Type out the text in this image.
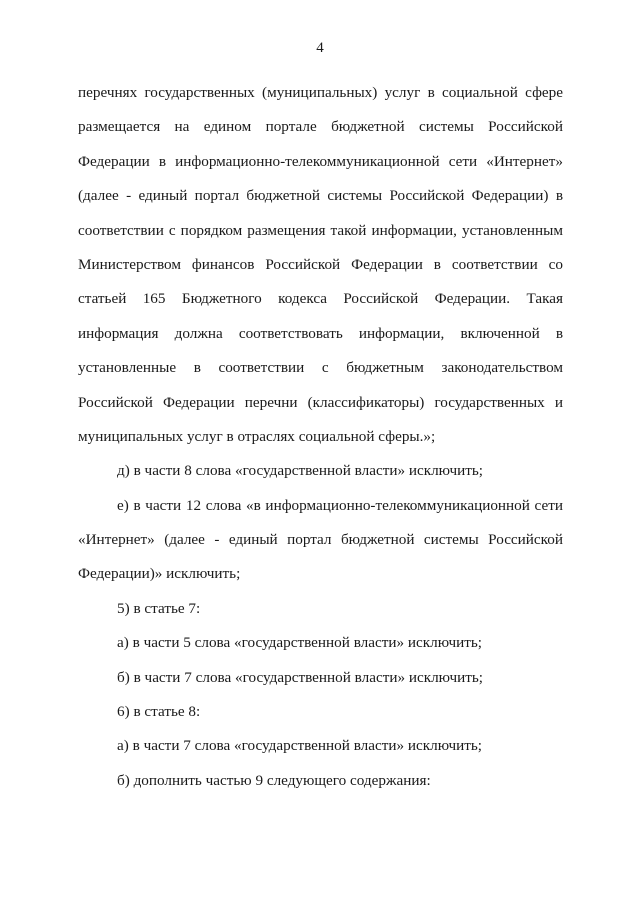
4
перечнях государственных (муниципальных) услуг в социальной сфере
размещается на едином портале бюджетной системы Российской
Федерации в информационно-телекоммуникационной сети «Интернет»
(далее - единый портал бюджетной системы Российской Федерации) в
соответствии с порядком размещения такой информации, установленным
Министерством финансов Российской Федерации в соответствии со
статьей 165 Бюджетного кодекса Российской Федерации. Такая
информация должна соответствовать информации, включенной в
установленные в соответствии с бюджетным законодательством
Российской Федерации перечни (классификаторы) государственных и
муниципальных услуг в отраслях социальной сферы.»;
д) в части 8 слова «государственной власти» исключить;
е) в части 12 слова «в информационно-телекоммуникационной сети
«Интернет» (далее - единый портал бюджетной системы Российской
Федерации)» исключить;
5) в статье 7:
а) в части 5 слова «государственной власти» исключить;
б) в части 7 слова «государственной власти» исключить;
6) в статье 8:
а) в части 7 слова «государственной власти» исключить;
б) дополнить частью 9 следующего содержания:
